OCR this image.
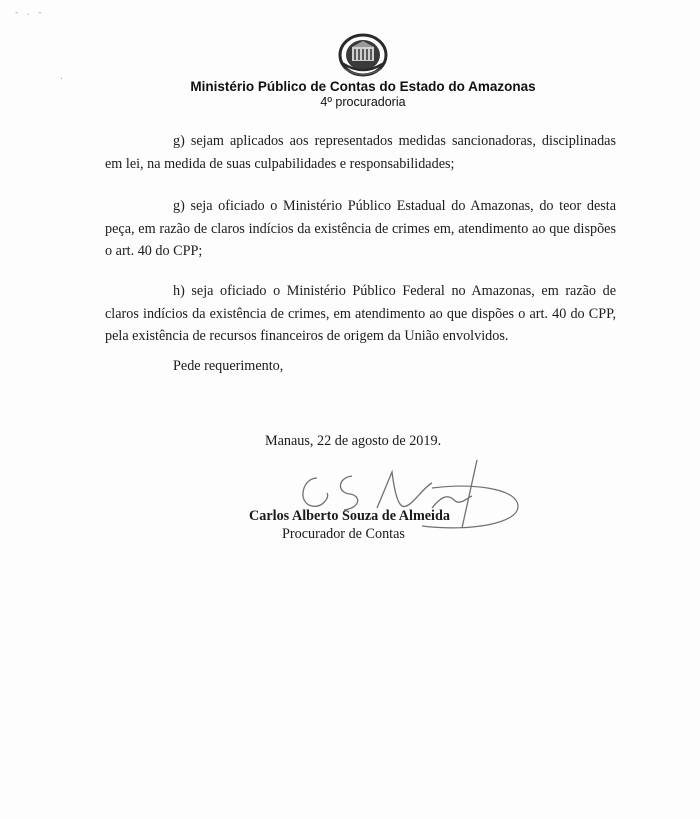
-   .   -
.
Ministério Público de Contas do Estado do Amazonas
4º procuradoria

g) sejam aplicados aos representados medidas sancionadoras, disciplinadas em lei, na medida de suas culpabilidades e responsabilidades;

g) seja oficiado o Ministério Público Estadual do Amazonas, do teor desta peça, em razão de claros indícios da existência de crimes em, atendimento ao que dispões o art. 40 do CPP;

h) seja oficiado o Ministério Público Federal no Amazonas, em razão de claros indícios da existência de crimes, em atendimento ao que dispões o art. 40 do CPP, pela existência de recursos financeiros de origem da União envolvidos.

Pede requerimento,
Manaus, 22 de agosto de 2019.
Carlos Alberto Souza de Almeida
Procurador de Contas
